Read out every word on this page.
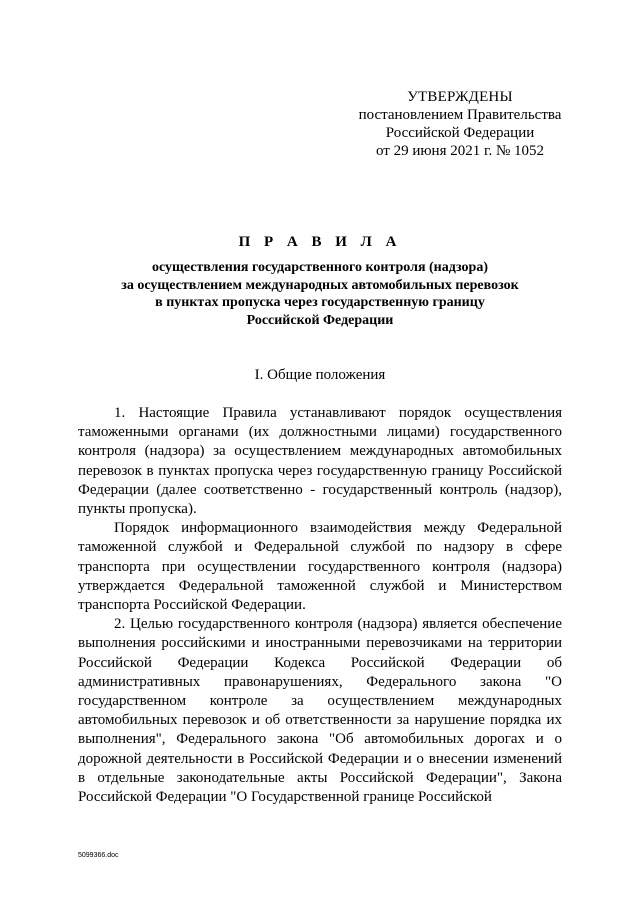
УТВЕРЖДЕНЫ
постановлением Правительства
Российской Федерации
от 29 июня 2021 г. № 1052
П Р А В И Л А
осуществления государственного контроля (надзора)
за осуществлением международных автомобильных перевозок
в пунктах пропуска через государственную границу
Российской Федерации
I. Общие положения

1. Настоящие Правила устанавливают порядок осуществления таможенными органами (их должностными лицами) государственного контроля (надзора) за осуществлением международных автомобильных перевозок в пунктах пропуска через государственную границу Российской Федерации (далее соответственно - государственный контроль (надзор), пункты пропуска).

Порядок информационного взаимодействия между Федеральной таможенной службой и Федеральной службой по надзору в сфере транспорта при осуществлении государственного контроля (надзора) утверждается Федеральной таможенной службой и Министерством транспорта Российской Федерации.

2. Целью государственного контроля (надзора) является обеспечение выполнения российскими и иностранными перевозчиками на территории Российской Федерации Кодекса Российской Федерации об административных правонарушениях, Федерального закона "О государственном контроле за осуществлением международных автомобильных перевозок и об ответственности за нарушение порядка их выполнения", Федерального закона "Об автомобильных дорогах и о дорожной деятельности в Российской Федерации и о внесении изменений в отдельные законодательные акты Российской Федерации", Закона Российской Федерации "О Государственной границе Российской

5099366.doc
